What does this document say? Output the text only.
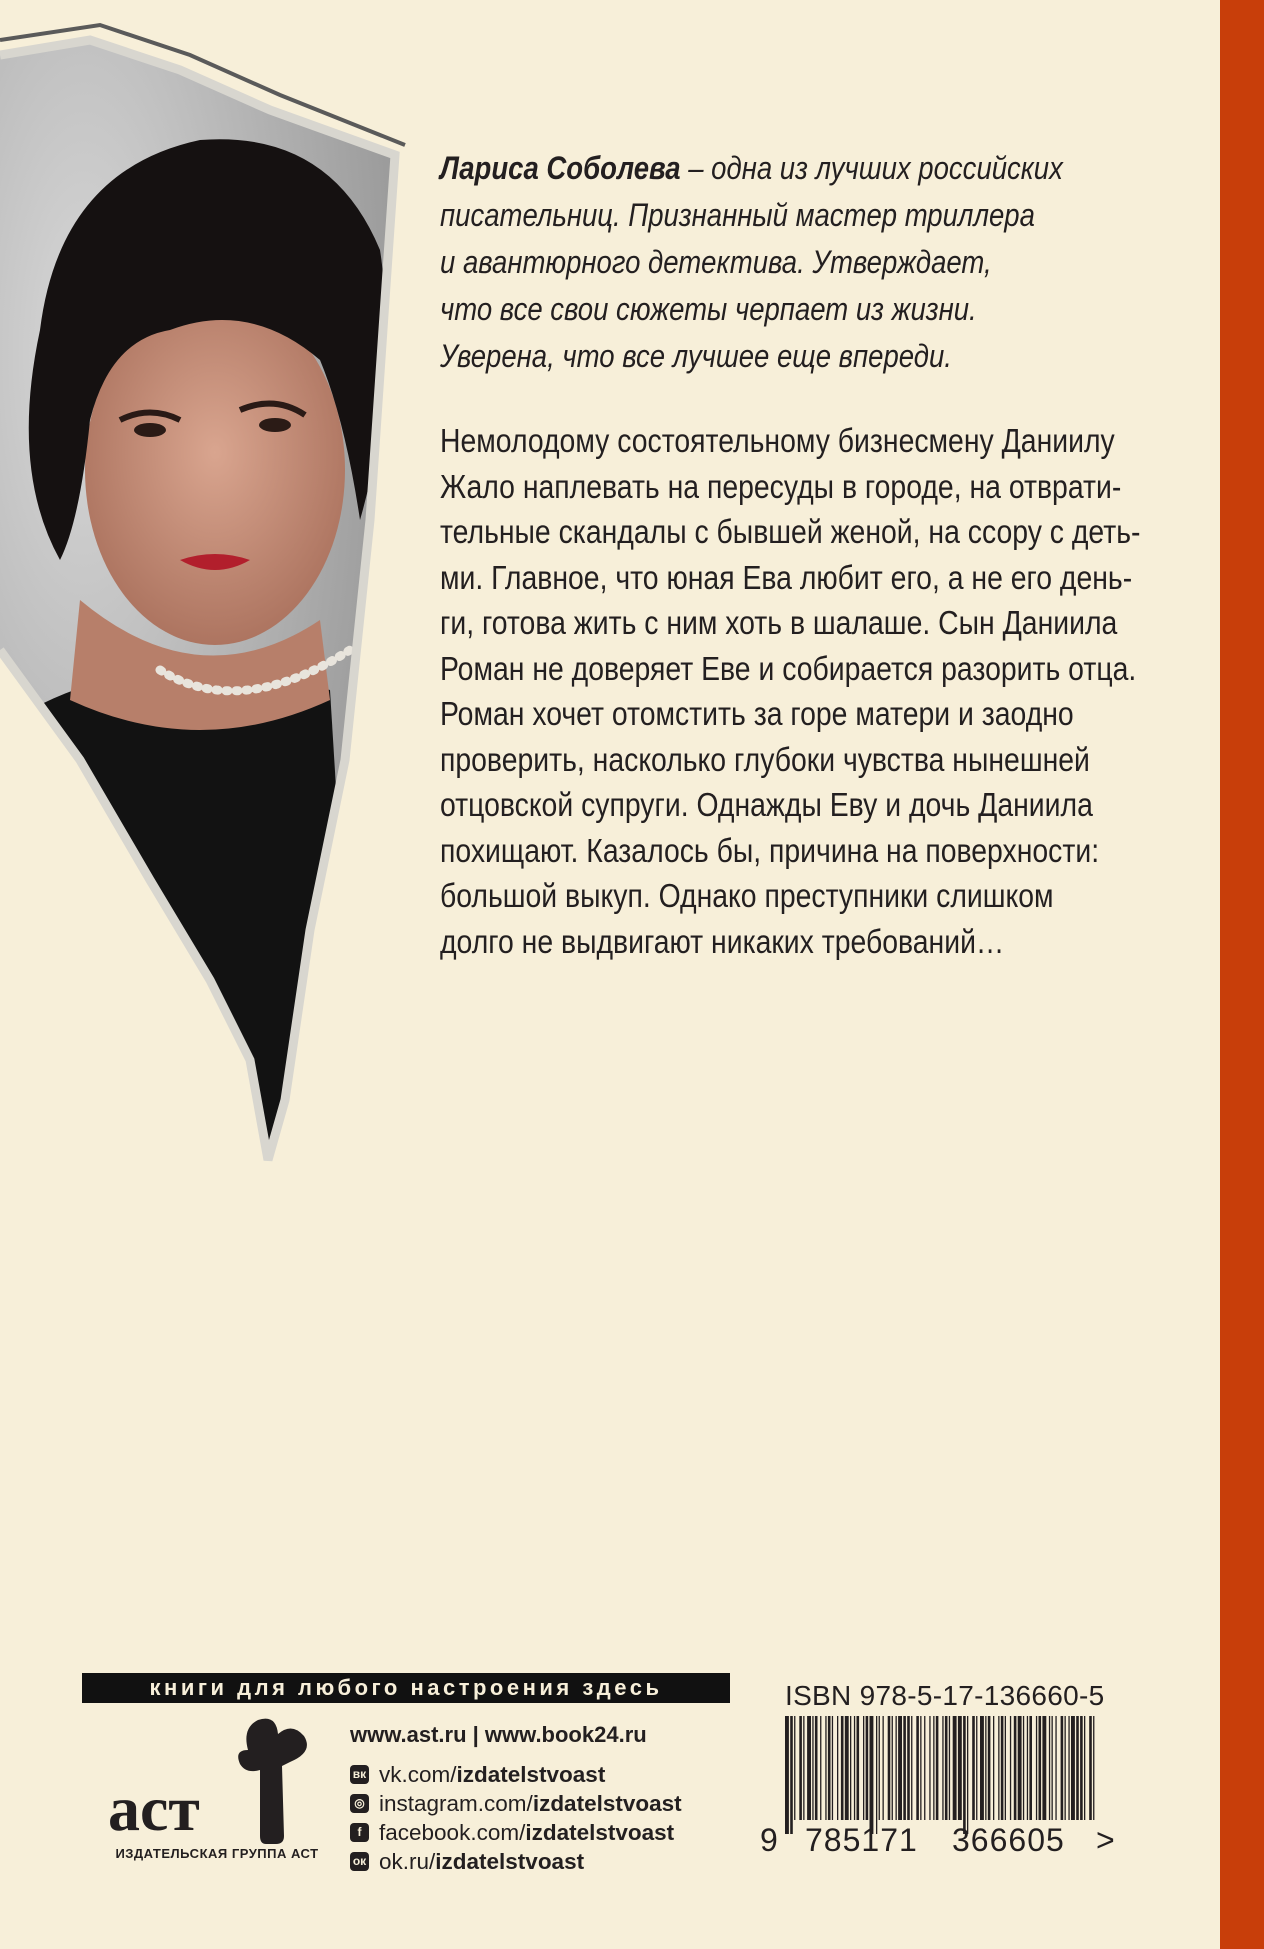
Лариса Соболева – одна из лучших российских
писательниц. Признанный мастер триллера
и авантюрного детектива. Утверждает,
что все свои сюжеты черпает из жизни.
Уверена, что все лучшее еще впереди.

Немолодому состоятельному бизнесмену Даниилу

Жало наплевать на пересуды в городе, на отврати-

тельные скандалы с бывшей женой, на ссору с деть-

ми. Главное, что юная Ева любит его, а не его день-

ги, готова жить с ним хоть в шалаше. Сын Даниила

Роман не доверяет Еве и собирается разорить отца.

Роман хочет отомстить за горе матери и заодно

проверить, насколько глубоки чувства нынешней

отцовской супруги. Однажды Еву и дочь Даниила

похищают. Казалось бы, причина на поверхности:

большой выкуп. Однако преступники слишком

долго не выдвигают никаких требований…

книги для любого настроения здесь
аст
ИЗДАТЕЛЬСКАЯ ГРУППА АСТ
www.ast.ru | www.book24.ru
вк vk.com/ izdatelstvoast
◎ instagram.com/ izdatelstvoast
f facebook.com/ izdatelstvoast
ок ok.ru/ izdatelstvoast
ISBN 978-5-17-136660-5
9 785171 366605 >
